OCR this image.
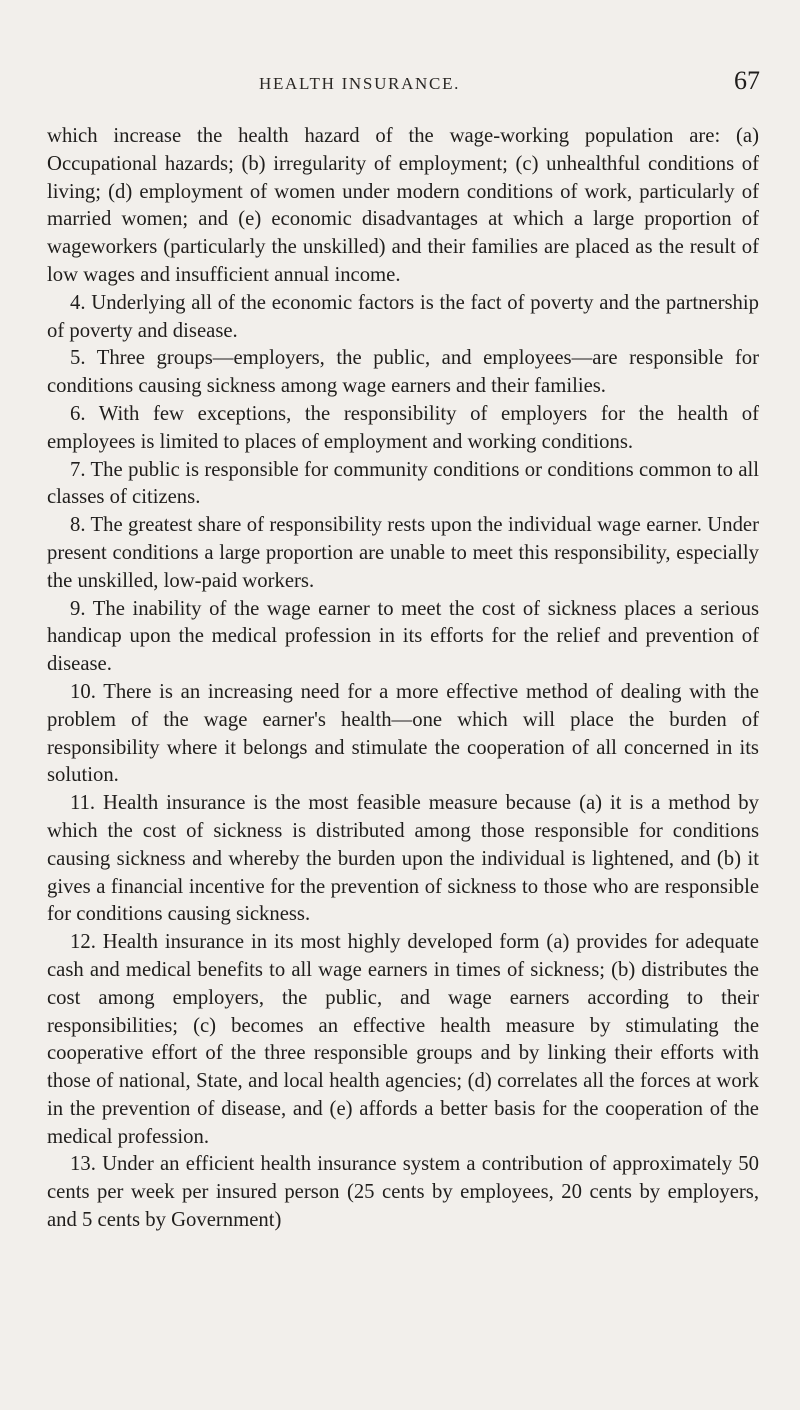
HEALTH INSURANCE.	67

which increase the health hazard of the wage-working population are: (a) Occupational hazards; (b) irregularity of employment; (c) unhealthful conditions of living; (d) employment of women under modern conditions of work, particularly of married women; and (e) economic disadvantages at which a large proportion of wageworkers (particularly the unskilled) and their families are placed as the result of low wages and insufficient annual income.

4. Underlying all of the economic factors is the fact of poverty and the partnership of poverty and disease.

5. Three groups—employers, the public, and employees—are responsible for conditions causing sickness among wage earners and their families.

6. With few exceptions, the responsibility of employers for the health of employees is limited to places of employment and working conditions.

7. The public is responsible for community conditions or conditions common to all classes of citizens.

8. The greatest share of responsibility rests upon the individual wage earner. Under present conditions a large proportion are unable to meet this responsibility, especially the unskilled, low-paid workers.

9. The inability of the wage earner to meet the cost of sickness places a serious handicap upon the medical profession in its efforts for the relief and prevention of disease.

10. There is an increasing need for a more effective method of dealing with the problem of the wage earner's health—one which will place the burden of responsibility where it belongs and stimulate the cooperation of all concerned in its solution.

11. Health insurance is the most feasible measure because (a) it is a method by which the cost of sickness is distributed among those responsible for conditions causing sickness and whereby the burden upon the individual is lightened, and (b) it gives a financial incentive for the prevention of sickness to those who are responsible for conditions causing sickness.

12. Health insurance in its most highly developed form (a) provides for adequate cash and medical benefits to all wage earners in times of sickness; (b) distributes the cost among employers, the public, and wage earners according to their responsibilities; (c) becomes an effective health measure by stimulating the cooperative effort of the three responsible groups and by linking their efforts with those of national, State, and local health agencies; (d) correlates all the forces at work in the prevention of disease, and (e) affords a better basis for the cooperation of the medical profession.

13. Under an efficient health insurance system a contribution of approximately 50 cents per week per insured person (25 cents by employees, 20 cents by employers, and 5 cents by Government)
